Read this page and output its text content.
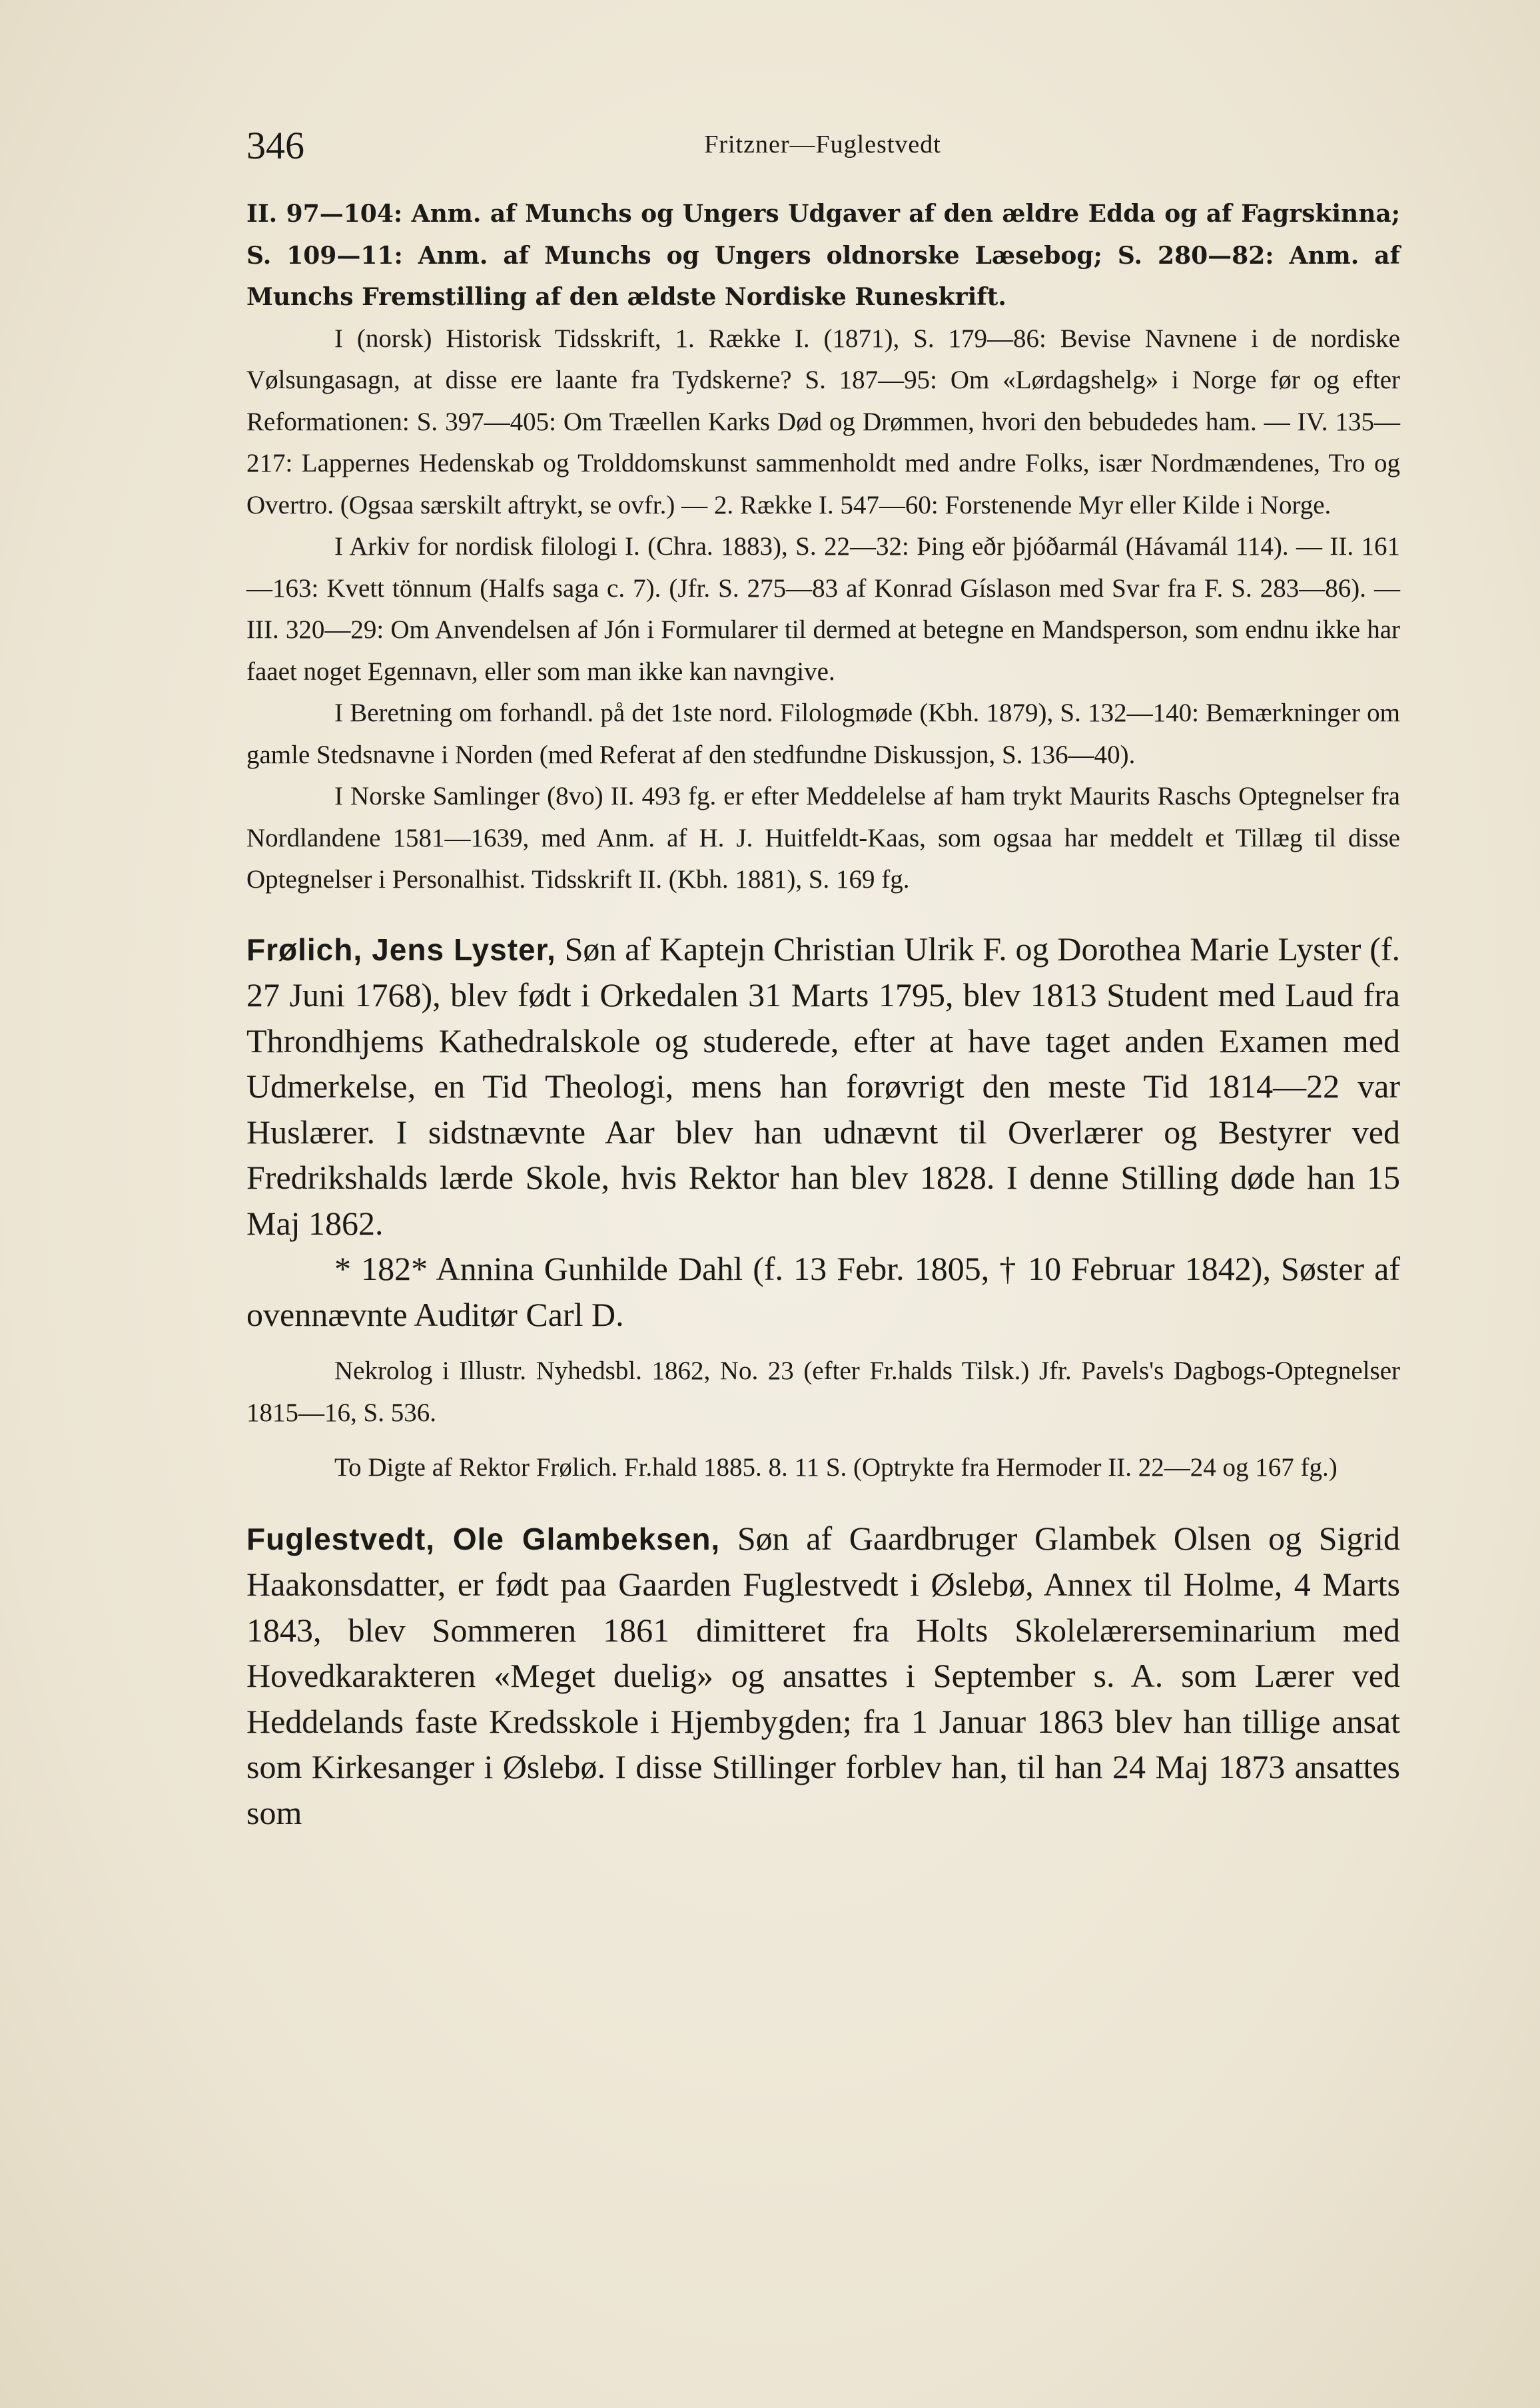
346	Fritzner—Fuglestvedt

II. 97—104: Anm. af Munchs og Ungers Udgaver af den ældre Edda og af Fagrskinna; S. 109—11: Anm. af Munchs og Ungers oldnorske Læsebog; S. 280—82: Anm. af Munchs Fremstilling af den ældste Nordiske Runeskrift.

I (norsk) Historisk Tidsskrift, 1. Række I. (1871), S. 179—86: Bevise Navnene i de nordiske Vølsungasagn, at disse ere laante fra Tydskerne? S. 187—95: Om «Lørdagshelg» i Norge før og efter Reformationen: S. 397—405: Om Træellen Karks Død og Drømmen, hvori den bebudedes ham. — IV. 135—217: Lappernes Hedenskab og Trolddomskunst sammenholdt med andre Folks, især Nordmændenes, Tro og Overtro. (Ogsaa særskilt aftrykt, se ovfr.) — 2. Række I. 547—60: Forstenende Myr eller Kilde i Norge.

I Arkiv for nordisk filologi I. (Chra. 1883), S. 22—32: Þing eðr þjóðarmál (Hávamál 114). — II. 161—163: Kvett tönnum (Halfs saga c. 7). (Jfr. S. 275—83 af Konrad Gíslason med Svar fra F. S. 283—86). — III. 320—29: Om Anvendelsen af Jón i Formularer til dermed at betegne en Mandsperson, som endnu ikke har faaet noget Egennavn, eller som man ikke kan navngive.

I Beretning om forhandl. på det 1ste nord. Filologmøde (Kbh. 1879), S. 132—140: Bemærkninger om gamle Stedsnavne i Norden (med Referat af den stedfundne Diskussjon, S. 136—40).

I Norske Samlinger (8vo) II. 493 fg. er efter Meddelelse af ham trykt Maurits Raschs Optegnelser fra Nordlandene 1581—1639, med Anm. af H. J. Huitfeldt-Kaas, som ogsaa har meddelt et Tillæg til disse Optegnelser i Personalhist. Tidsskrift II. (Kbh. 1881), S. 169 fg.

Frølich, Jens Lyster, Søn af Kaptejn Christian Ulrik F. og Dorothea Marie Lyster (f. 27 Juni 1768), blev født i Orkedalen 31 Marts 1795, blev 1813 Student med Laud fra Throndhjems Kathedralskole og studerede, efter at have taget anden Examen med Udmerkelse, en Tid Theologi, mens han forøvrigt den meste Tid 1814—22 var Huslærer. I sidstnævnte Aar blev han udnævnt til Overlærer og Bestyrer ved Fredrikshalds lærde Skole, hvis Rektor han blev 1828. I denne Stilling døde han 15 Maj 1862.

* 182* Annina Gunhilde Dahl (f. 13 Febr. 1805, † 10 Februar 1842), Søster af ovennævnte Auditør Carl D.

Nekrolog i Illustr. Nyhedsbl. 1862, No. 23 (efter Fr.halds Tilsk.) Jfr. Pavels's Dagbogs-Optegnelser 1815—16, S. 536.

To Digte af Rektor Frølich. Fr.hald 1885. 8. 11 S. (Optrykte fra Hermoder II. 22—24 og 167 fg.)

Fuglestvedt, Ole Glambeksen, Søn af Gaardbruger Glambek Olsen og Sigrid Haakonsdatter, er født paa Gaarden Fuglestvedt i Øslebø, Annex til Holme, 4 Marts 1843, blev Sommeren 1861 dimitteret fra Holts Skolelærerseminarium med Hovedkarakteren «Meget duelig» og ansattes i September s. A. som Lærer ved Heddelands faste Kredsskole i Hjembygden; fra 1 Januar 1863 blev han tillige ansat som Kirkesanger i Øslebø. I disse Stillinger forblev han, til han 24 Maj 1873 ansattes som
